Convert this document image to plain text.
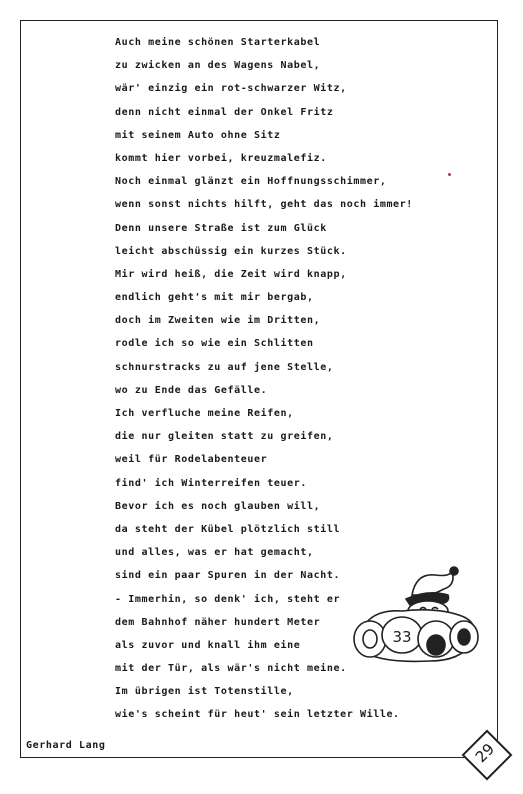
Auch meine schönen Starterkabel
zu zwicken an des Wagens Nabel,
wär' einzig ein rot-schwarzer Witz,
denn nicht einmal der Onkel Fritz
mit seinem Auto ohne Sitz
kommt hier vorbei, kreuzmalefiz.
Noch einmal glänzt ein Hoffnungsschimmer,
wenn sonst nichts hilft, geht das noch immer!
Denn unsere Straße ist zum Glück
leicht abschüssig ein kurzes Stück.
Mir wird heiß, die Zeit wird knapp,
endlich geht's mit mir bergab,
doch im Zweiten wie im Dritten,
rodle ich so wie ein Schlitten
schnurstracks zu auf jene Stelle,
wo zu Ende das Gefälle.
Ich verfluche meine Reifen,
die nur gleiten statt zu greifen,
weil für Rodelabenteuer
find' ich Winterreifen teuer.
Bevor ich es noch glauben will,
da steht der Kübel plötzlich still
und alles, was er hat gemacht,
sind ein paar Spuren in der Nacht.
- Immerhin, so denk' ich, steht er
dem Bahnhof näher hundert Meter
als zuvor und knall ihm eine
mit der Tür, als wär's nicht meine.
Im übrigen ist Totenstille,
wie's scheint für heut' sein letzter Wille.
Gerhard Lang
33
29
